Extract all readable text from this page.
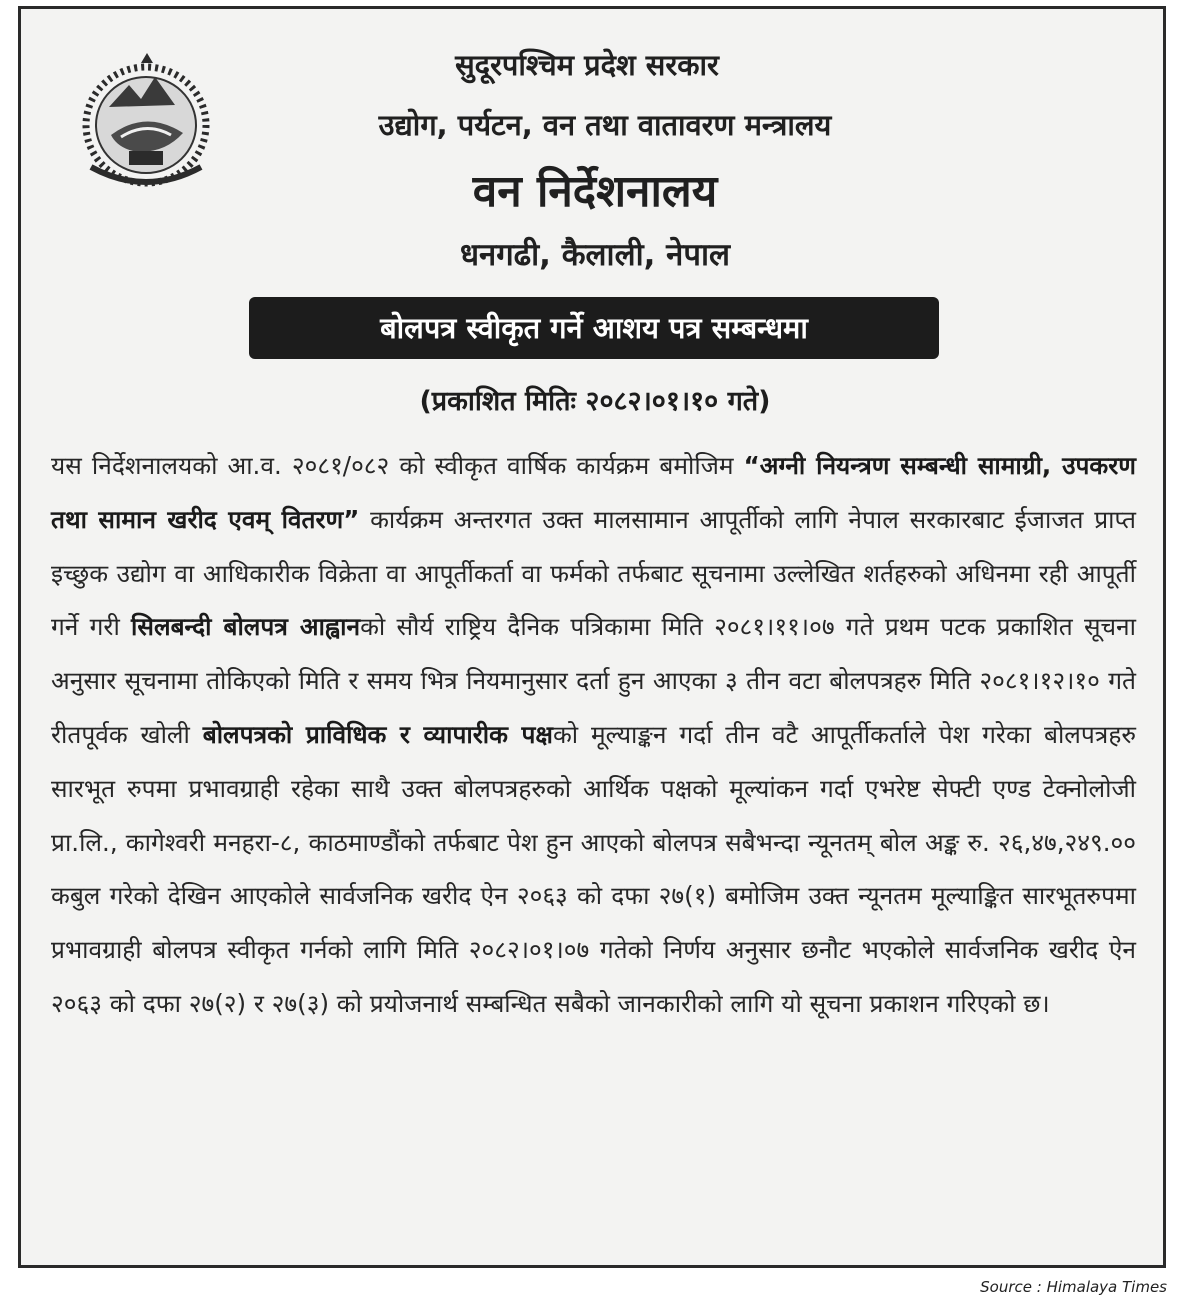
सुदूरपश्चिम प्रदेश सरकार
उद्योग, पर्यटन, वन तथा वातावरण मन्त्रालय
वन निर्देशनालय
धनगढी, कैलाली, नेपाल
बोलपत्र स्वीकृत गर्ने आशय पत्र सम्बन्धमा
(प्रकाशित मितिः २०८२।०१।१० गते)
यस निर्देशनालयको आ.व. २०८१/०८२ को स्वीकृत वार्षिक कार्यक्रम बमोजिम “अग्नी नियन्त्रण सम्बन्धी सामाग्री, उपकरण तथा सामान खरीद एवम् वितरण” कार्यक्रम अन्तरगत उक्त मालसामान आपूर्तीको लागि नेपाल सरकारबाट ईजाजत प्राप्त इच्छुक उद्योग वा आधिकारीक विक्रेता वा आपूर्तीकर्ता वा फर्मको तर्फबाट सूचनामा उल्लेखित शर्तहरुको अधिनमा रही आपूर्ती गर्ने गरी सिलबन्दी बोलपत्र आह्वानको सौर्य राष्ट्रिय दैनिक पत्रिकामा मिति २०८१।११।०७ गते प्रथम पटक प्रकाशित सूचना अनुसार सूचनामा तोकिएको मिति र समय भित्र नियमानुसार दर्ता हुन आएका ३ तीन वटा बोलपत्रहरु मिति २०८१।१२।१० गते रीतपूर्वक खोली बोलपत्रको प्राविधिक र व्यापारीक पक्षको मूल्याङ्कन गर्दा तीन वटै आपूर्तीकर्ताले पेश गरेका बोलपत्रहरु सारभूत रुपमा प्रभावग्राही रहेका साथै उक्त बोलपत्रहरुको आर्थिक पक्षको मूल्यांकन गर्दा एभरेष्ट सेफ्टी एण्ड टेक्नोलोजी प्रा.लि., कागेश्वरी मनहरा-८, काठमाण्डौंको तर्फबाट पेश हुन आएको बोलपत्र सबैभन्दा न्यूनतम् बोल अङ्क रु. २६,४७,२४९.०० कबुल गरेको देखिन आएकोले सार्वजनिक खरीद ऐन २०६३ को दफा २७(१) बमोजिम उक्त न्यूनतम मूल्याङ्कित सारभूतरुपमा प्रभावग्राही बोलपत्र स्वीकृत गर्नको लागि मिति २०८२।०१।०७ गतेको निर्णय अनुसार छनौट भएकोले सार्वजनिक खरीद ऐन २०६३ को दफा २७(२) र २७(३) को प्रयोजनार्थ सम्बन्धित सबैको जानकारीको लागि यो सूचना प्रकाशन गरिएको छ।
Source : Himalaya Times
